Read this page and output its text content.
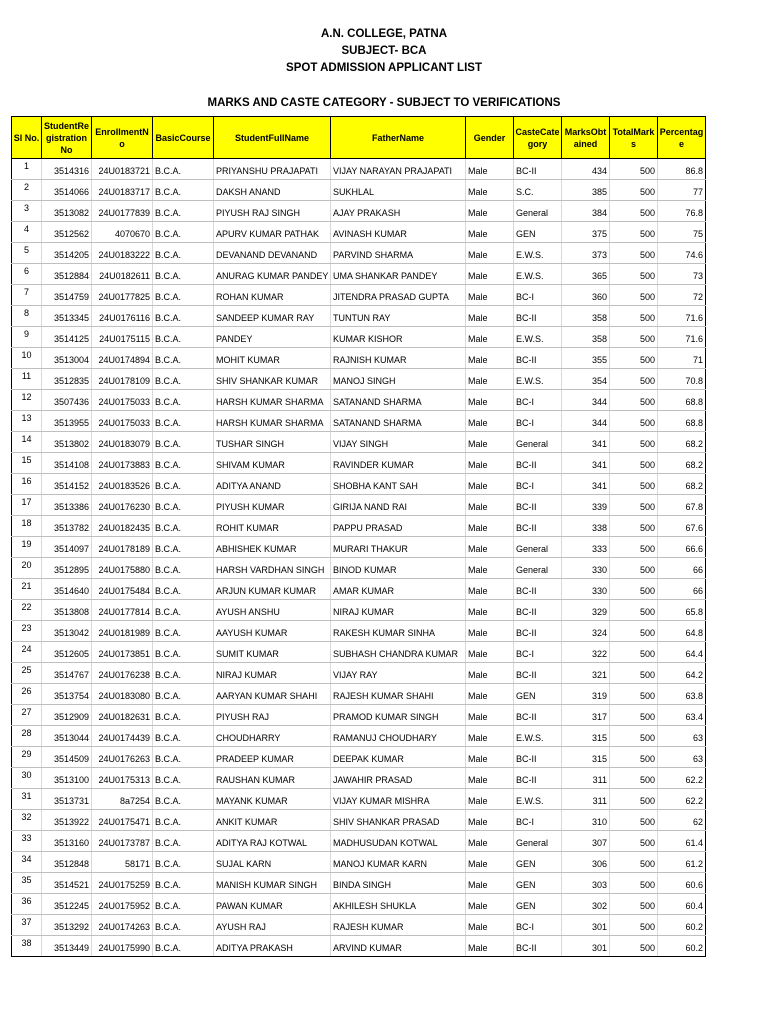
A.N. COLLEGE, PATNA
SUBJECT- BCA
SPOT ADMISSION APPLICANT LIST
MARKS AND CASTE CATEGORY - SUBJECT TO VERIFICATIONS
Sl No.	StudentRegistrationNo	EnrollmentNo	BasicCourse	StudentFullName	FatherName	Gender	CasteCategory	MarksObtained	TotalMarks	Percentage
1	3514316	24U0183721	B.C.A.	PRIYANSHU PRAJAPATI	VIJAY NARAYAN PRAJAPATI	Male	BC-II	434	500	86.8
2	3514066	24U0183717	B.C.A.	DAKSH ANAND	SUKHLAL	Male	S.C.	385	500	77
3	3513082	24U0177839	B.C.A.	PIYUSH RAJ SINGH	AJAY PRAKASH	Male	General	384	500	76.8
4	3512562	4070670	B.C.A.	APURV KUMAR PATHAK	AVINASH KUMAR	Male	GEN	375	500	75
5	3514205	24U0183222	B.C.A.	DEVANAND DEVANAND	PARVIND SHARMA	Male	E.W.S.	373	500	74.6
6	3512884	24U0182611	B.C.A.	ANURAG KUMAR PANDEY	UMA SHANKAR PANDEY	Male	E.W.S.	365	500	73
7	3514759	24U0177825	B.C.A.	ROHAN KUMAR	JITENDRA PRASAD GUPTA	Male	BC-I	360	500	72
8	3513345	24U0176116	B.C.A.	SANDEEP KUMAR RAY	TUNTUN RAY	Male	BC-II	358	500	71.6
9	3514125	24U0175115	B.C.A.	PANDEY	KUMAR KISHOR	Male	E.W.S.	358	500	71.6
10	3513004	24U0174894	B.C.A.	MOHIT KUMAR	RAJNISH KUMAR	Male	BC-II	355	500	71
11	3512835	24U0178109	B.C.A.	SHIV SHANKAR KUMAR	MANOJ SINGH	Male	E.W.S.	354	500	70.8
12	3507436	24U0175033	B.C.A.	HARSH KUMAR SHARMA	SATANAND SHARMA	Male	BC-I	344	500	68.8
13	3513955	24U0175033	B.C.A.	HARSH KUMAR SHARMA	SATANAND SHARMA	Male	BC-I	344	500	68.8
14	3513802	24U0183079	B.C.A.	TUSHAR SINGH	VIJAY SINGH	Male	General	341	500	68.2
15	3514108	24U0173883	B.C.A.	SHIVAM KUMAR	RAVINDER KUMAR	Male	BC-II	341	500	68.2
16	3514152	24U0183526	B.C.A.	ADITYA ANAND	SHOBHA KANT SAH	Male	BC-I	341	500	68.2
17	3513386	24U0176230	B.C.A.	PIYUSH KUMAR	GIRIJA NAND RAI	Male	BC-II	339	500	67.8
18	3513782	24U0182435	B.C.A.	ROHIT KUMAR	PAPPU PRASAD	Male	BC-II	338	500	67.6
19	3514097	24U0178189	B.C.A.	ABHISHEK KUMAR	MURARI THAKUR	Male	General	333	500	66.6
20	3512895	24U0175880	B.C.A.	HARSH VARDHAN SINGH	BINOD KUMAR	Male	General	330	500	66
21	3514640	24U0175484	B.C.A.	ARJUN KUMAR KUMAR	AMAR KUMAR	Male	BC-II	330	500	66
22	3513808	24U0177814	B.C.A.	AYUSH ANSHU	NIRAJ KUMAR	Male	BC-II	329	500	65.8
23	3513042	24U0181989	B.C.A.	AAYUSH KUMAR	RAKESH KUMAR SINHA	Male	BC-II	324	500	64.8
24	3512605	24U0173851	B.C.A.	SUMIT KUMAR	SUBHASH CHANDRA KUMAR	Male	BC-I	322	500	64.4
25	3514767	24U0176238	B.C.A.	NIRAJ KUMAR	VIJAY RAY	Male	BC-II	321	500	64.2
26	3513754	24U0183080	B.C.A.	AARYAN KUMAR SHAHI	RAJESH KUMAR SHAHI	Male	GEN	319	500	63.8
27	3512909	24U0182631	B.C.A.	PIYUSH RAJ	PRAMOD KUMAR SINGH	Male	BC-II	317	500	63.4
28	3513044	24U0174439	B.C.A.	CHOUDHARRY	RAMANUJ CHOUDHARY	Male	E.W.S.	315	500	63
29	3514509	24U0176263	B.C.A.	PRADEEP KUMAR	DEEPAK KUMAR	Male	BC-II	315	500	63
30	3513100	24U0175313	B.C.A.	RAUSHAN KUMAR	JAWAHIR PRASAD	Male	BC-II	311	500	62.2
31	3513731	8a7254	B.C.A.	MAYANK KUMAR	VIJAY KUMAR MISHRA	Male	E.W.S.	311	500	62.2
32	3513922	24U0175471	B.C.A.	ANKIT KUMAR	SHIV SHANKAR PRASAD	Male	BC-I	310	500	62
33	3513160	24U0173787	B.C.A.	ADITYA RAJ KOTWAL	MADHUSUDAN KOTWAL	Male	General	307	500	61.4
34	3512848	58171	B.C.A.	SUJAL KARN	MANOJ KUMAR KARN	Male	GEN	306	500	61.2
35	3514521	24U0175259	B.C.A.	MANISH KUMAR SINGH	BINDA SINGH	Male	GEN	303	500	60.6
36	3512245	24U0175952	B.C.A.	PAWAN KUMAR	AKHILESH SHUKLA	Male	GEN	302	500	60.4
37	3513292	24U0174263	B.C.A.	AYUSH RAJ	RAJESH KUMAR	Male	BC-I	301	500	60.2
38	3513449	24U0175990	B.C.A.	ADITYA PRAKASH	ARVIND KUMAR	Male	BC-II	301	500	60.2
